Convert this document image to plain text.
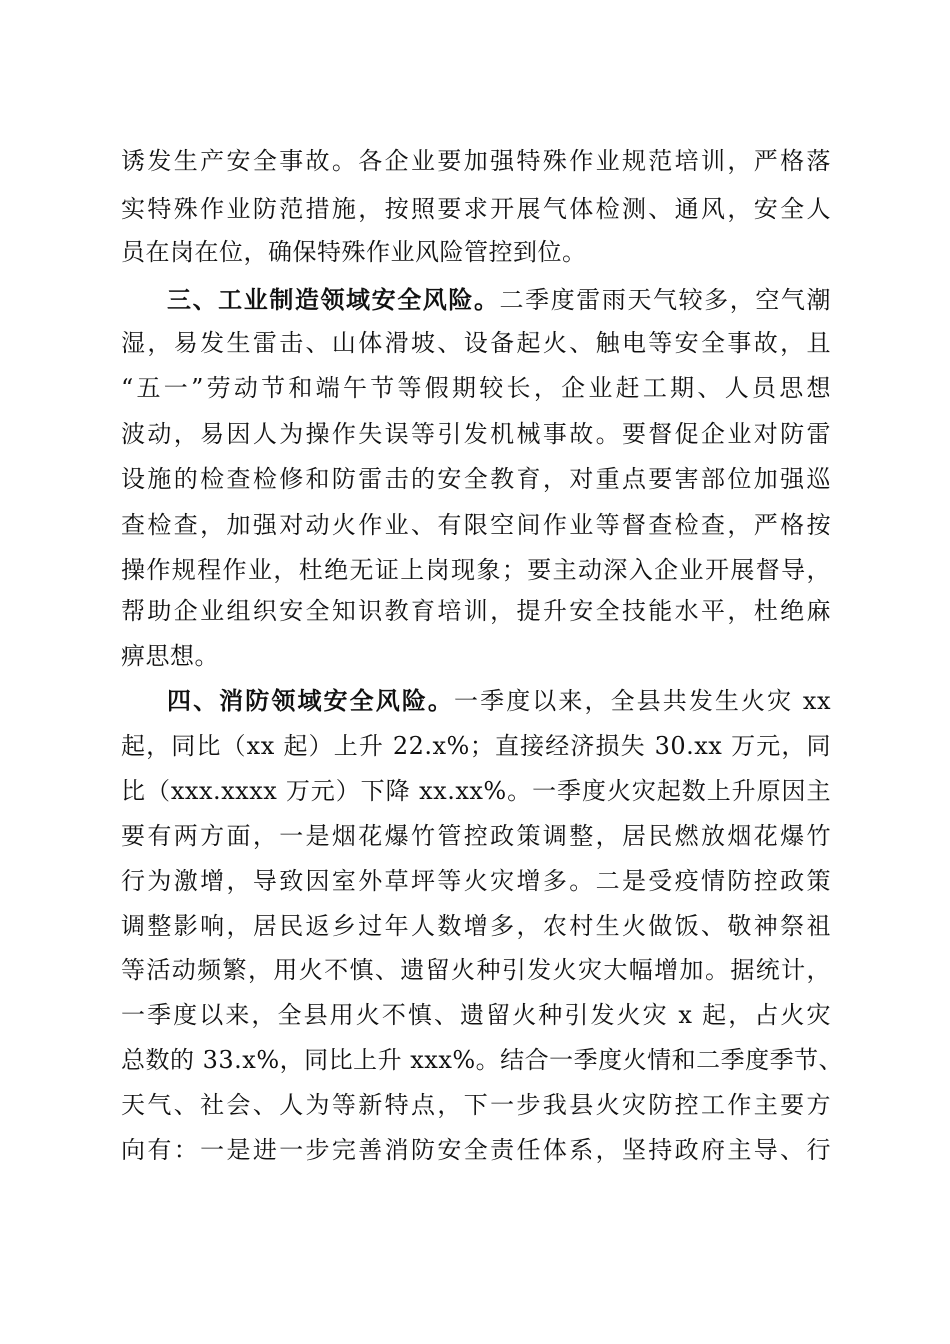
诱发生产安全事故。各企业要加强特殊作业规范培训，严格落
实特殊作业防范措施，按照要求开展气体检测、通风，安全人
员在岗在位，确保特殊作业风险管控到位。
三、工业制造领域安全风险。二季度雷雨天气较多，空气潮
湿，易发生雷击、山体滑坡、设备起火、触电等安全事故，且
“五一”劳动节和端午节等假期较长，企业赶工期、人员思想
波动，易因人为操作失误等引发机械事故。要督促企业对防雷
设施的检查检修和防雷击的安全教育，对重点要害部位加强巡
查检查，加强对动火作业、有限空间作业等督查检查，严格按
操作规程作业，杜绝无证上岗现象；要主动深入企业开展督导，
帮助企业组织安全知识教育培训，提升安全技能水平，杜绝麻
痹思想。
四、消防领域安全风险。一季度以来，全县共发生火灾 xx
起，同比（xx 起）上升 22.x%；直接经济损失 30.xx 万元，同
比（xxx.xxxx 万元）下降 xx.xx%。一季度火灾起数上升原因主
要有两方面，一是烟花爆竹管控政策调整，居民燃放烟花爆竹
行为激增，导致因室外草坪等火灾增多。二是受疫情防控政策
调整影响，居民返乡过年人数增多，农村生火做饭、敬神祭祖
等活动频繁，用火不慎、遗留火种引发火灾大幅增加。据统计，
一季度以来，全县用火不慎、遗留火种引发火灾 x 起，占火灾
总数的 33.x%，同比上升 xxx%。结合一季度火情和二季度季节、
天气、社会、人为等新特点，下一步我县火灾防控工作主要方
向有：一是进一步完善消防安全责任体系，坚持政府主导、行
